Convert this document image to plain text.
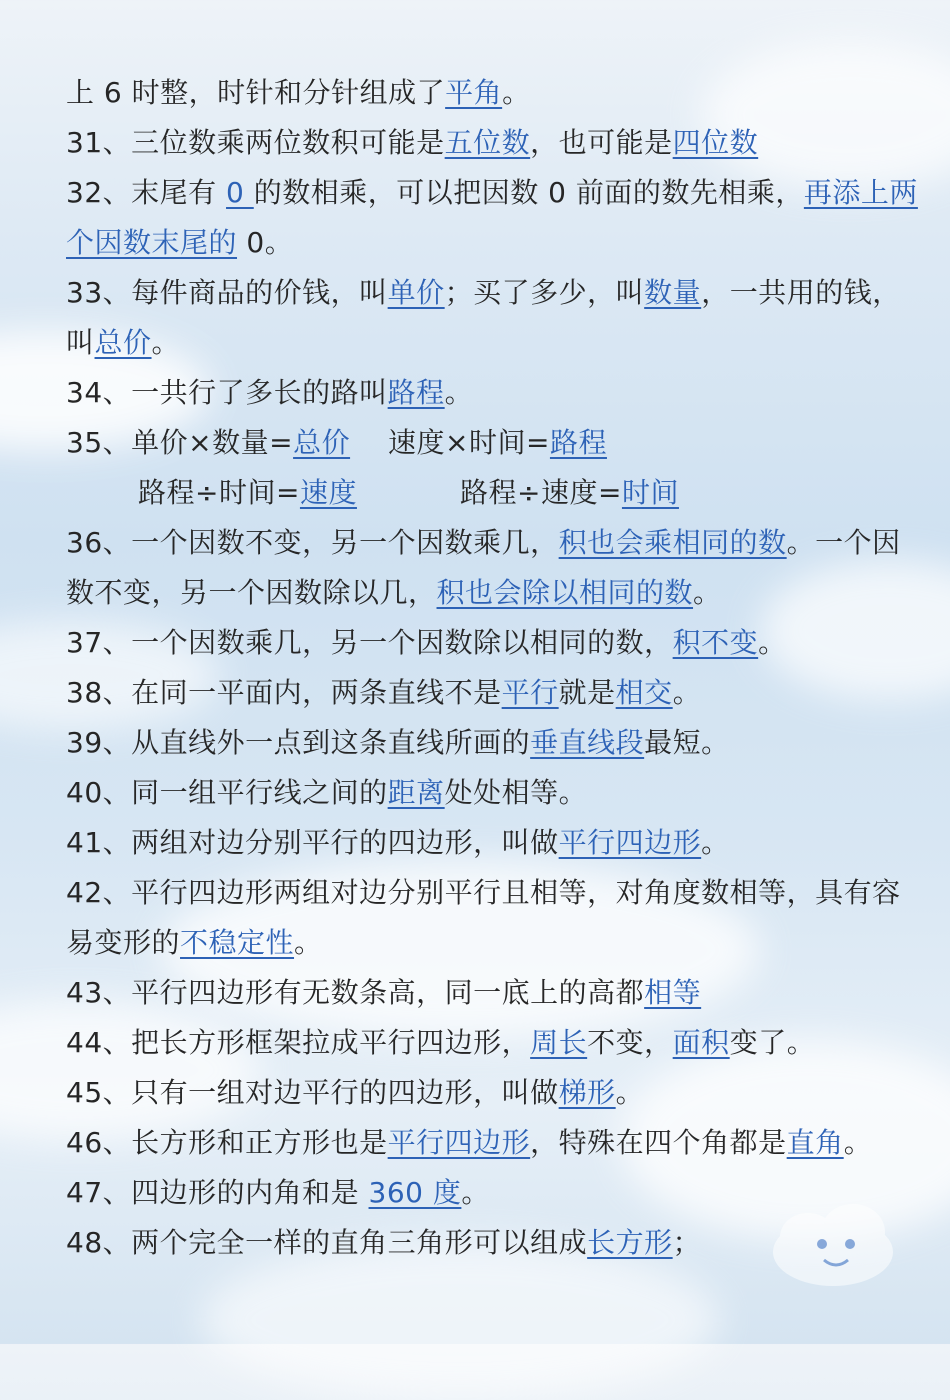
上 6 时整，时针和分针组成了平角。
31、三位数乘两位数积可能是五位数，也可能是四位数
32、末尾有 0 的数相乘，可以把因数 0 前面的数先相乘，再添上两
个因数末尾的 0。
33、每件商品的价钱，叫单价；买了多少，叫数量，一共用的钱，
叫总价。
34、一共行了多长的路叫路程。
35、单价×数量=总价 速度×时间=路程
路程÷时间=速度	路程÷速度=时间
36、一个因数不变，另一个因数乘几，积也会乘相同的数。一个因
数不变，另一个因数除以几，积也会除以相同的数。
37、一个因数乘几，另一个因数除以相同的数，积不变。
38、在同一平面内，两条直线不是平行就是相交。
39、从直线外一点到这条直线所画的垂直线段最短。
40、同一组平行线之间的距离处处相等。
41、两组对边分别平行的四边形，叫做平行四边形。
42、平行四边形两组对边分别平行且相等，对角度数相等，具有容
易变形的不稳定性。
43、平行四边形有无数条高，同一底上的高都相等
44、把长方形框架拉成平行四边形，周长不变，面积变了。
45、只有一组对边平行的四边形，叫做梯形。
46、长方形和正方形也是平行四边形，特殊在四个角都是直角。
47、四边形的内角和是 360 度。
48、两个完全一样的直角三角形可以组成长方形；
